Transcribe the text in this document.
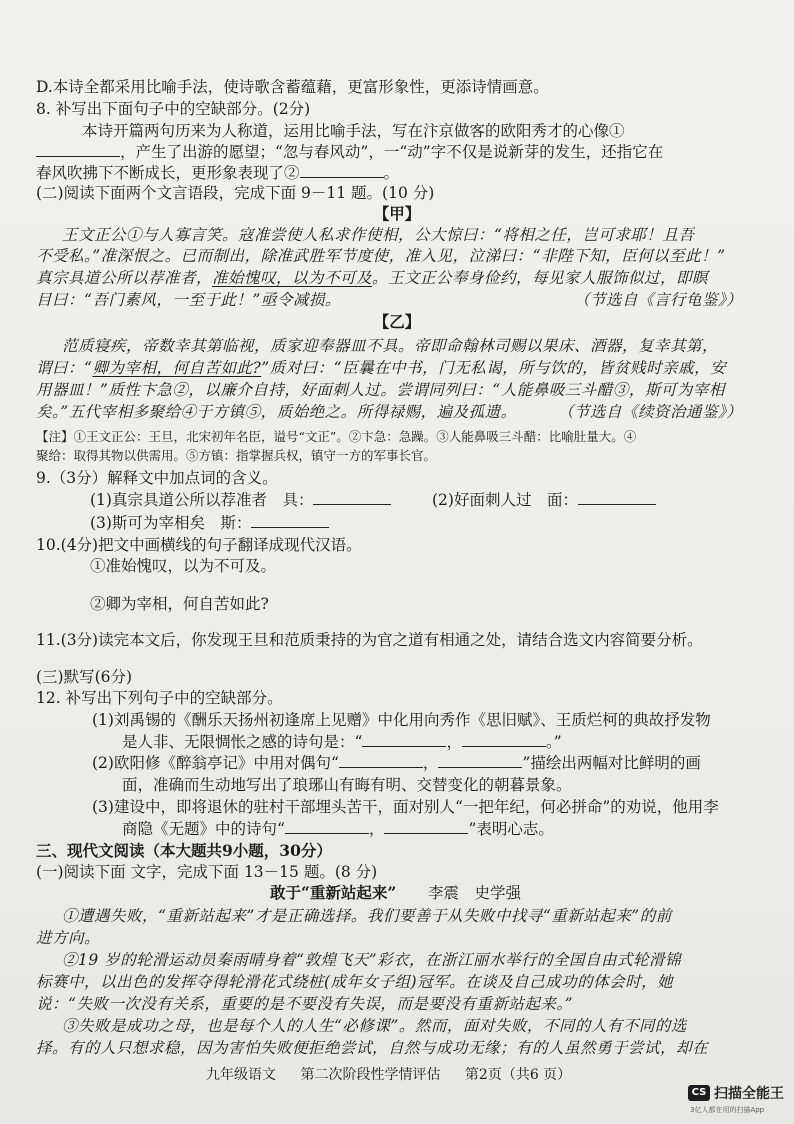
D.本诗全都采用比喻手法，使诗歌含蓄蕴藉，更富形象性，更添诗情画意。
8. 补写出下面句子中的空缺部分。(2分)
本诗开篇两句历来为人称道，运用比喻手法，写在汴京做客的欧阳秀才的心像①
，产生了出游的愿望；“忽与春风动”，一“动”字不仅是说新芽的发生，还指它在
春风吹拂下不断成长，更形象表现了②	。
(二)阅读下面两个文言语段，完成下面 9－11 题。(10 分)
【甲】
王文正公①与人寡言笑。寇准尝使人私求作使相，公大惊曰：“将相之任，岂可求耶！且吾
不受私。”准深恨之。已而制出，除准武胜军节度使，准入见，泣涕曰：“非陛下知，臣何以至此！”
真宗具道公所以荐准者，准始愧叹，以为不可及。王文正公奉身俭约，每见家人服饰似过，即瞑
目曰：“吾门素风，一至于此！”亟令减损。	（节选自《言行龟鉴》）
【乙】
范质寝疾，帝数幸其第临视，质家迎奉器皿不具。帝即命翰林司赐以果床、酒器，复幸其第，
谓曰：“卿为宰相，何自苦如此?”质对曰：“臣曩在中书，门无私谒，所与饮的，皆贫贱时亲戚，安
用器皿！”质性卞急②，以廉介自持，好面刺人过。尝谓同列曰：“人能鼻吸三斗醋③，斯可为宰相
矣。”五代宰相多聚给④于方镇⑤，质始绝之。所得禄赐，遍及孤遗。	（节选自《续资治通鉴》）
【注】①王文正公：王旦，北宋初年名臣，谥号“文正”。②卞急：急躁。③人能鼻吸三斗醋：比喻肚量大。④
聚给：取得其物以供需用。⑤方镇：指掌握兵权，镇守一方的军事长官。
9.（3分）解释文中加点词的含义。
(1)真宗具道公所以荐准者　具：	(2)好面刺人过　面：
(3)斯可为宰相矣　斯：
10.(4分)把文中画横线的句子翻译成现代汉语。
①准始愧叹，以为不可及。
②卿为宰相，何自苦如此?
11.(3分)读完本文后，你发现王旦和范质秉持的为官之道有相通之处，请结合选文内容简要分析。
(三)默写(6分)
12. 补写出下列句子中的空缺部分。
(1)刘禹锡的《酬乐天扬州初逢席上见赠》中化用向秀作《思旧赋》、王质烂柯的典故抒发物
是人非、无限惆怅之感的诗句是：“	，	。”
(2)欧阳修《醉翁亭记》中用对偶句“	，	”描绘出两幅对比鲜明的画
面，准确而生动地写出了琅琊山有晦有明、交替变化的朝暮景象。
(3)建设中，即将退休的驻村干部埋头苦干，面对别人“一把年纪，何必拼命”的劝说，他用李
商隐《无题》中的诗句“	，	”表明心志。
三、现代文阅读（本大题共9小题，30分）
(一)阅读下面 文字，完成下面 13－15 题。(8 分)
敢于“重新站起来” 李震　史学强
①遭遇失败，“重新站起来”才是正确选择。我们要善于从失败中找寻“重新站起来”的前
进方向。
②19 岁的轮滑运动员秦雨晴身着“敦煌飞天”彩衣，在浙江丽水举行的全国自由式轮滑锦
标赛中，以出色的发挥夺得轮滑花式绕桩(成年女子组)冠军。在谈及自己成功的体会时，她
说：“失败一次没有关系，重要的是不要没有失误，而是要没有重新站起来。”
③失败是成功之母，也是每个人的人生“必修课”。然而，面对失败，不同的人有不同的选
择。有的人只想求稳，因为害怕失败便拒绝尝试，自然与成功无缘；有的人虽然勇于尝试，却在
九年级语文 第二次阶段性学情评估 第2页（共6 页）
CS 扫描全能王
3亿人都在用的扫描App
